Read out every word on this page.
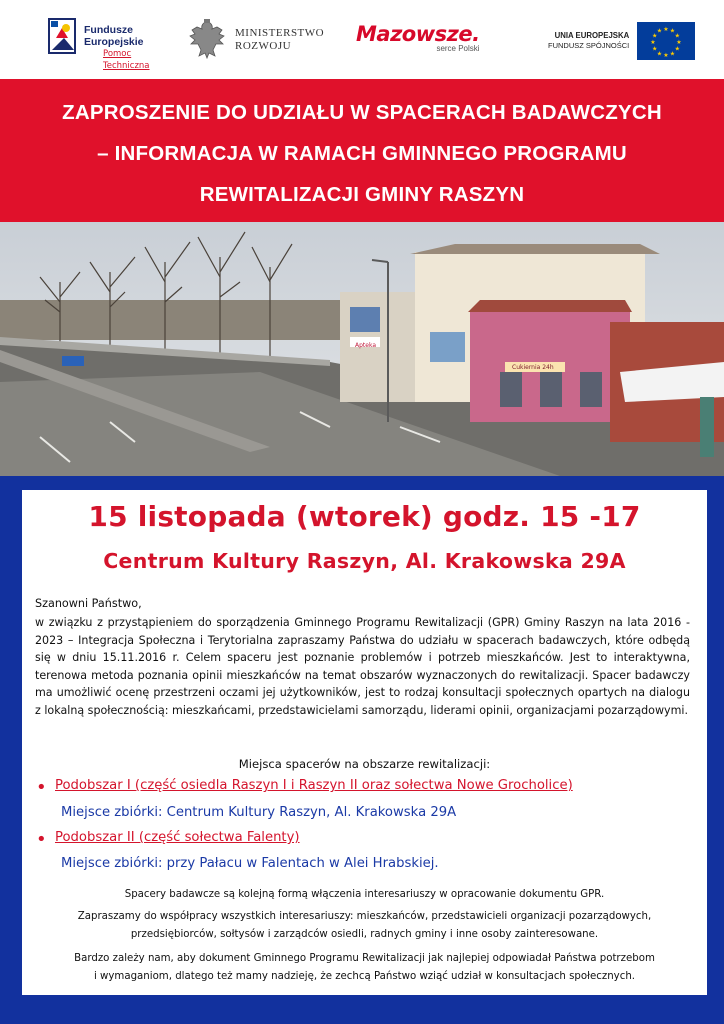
Fundusze
Europejskie
Pomoc Techniczna
MINISTERSTWO
ROZWOJU	Mazowsze.
serce Polski
UNIA EUROPEJSKA
FUNDUSZ SPÓJNOŚCI
★ ★
★
★
★
★
★
★
★
★
★
★
ZAPROSZENIE DO UDZIAŁU W SPACERACH BADAWCZYCH
– INFORMACJA W RAMACH GMINNEGO PROGRAMU
REWITALIZACJI GMINY RASZYN
Apteka
Cukiernia 24h
15 listopada (wtorek) godz. 15 -17
Centrum Kultury Raszyn, Al. Krakowska 29A
Szanowni Państwo,
w związku z przystąpieniem do sporządzenia Gminnego Programu Rewitalizacji (GPR) Gminy Raszyn na lata 2016 - 2023 – Integracja Społeczna i Terytorialna zapraszamy Państwa do udziału w spacerach badawczych, które odbędą się w dniu 15.11.2016 r. Celem spaceru jest poznanie problemów i potrzeb mieszkańców. Jest to interaktywna, terenowa metoda poznania opinii mieszkańców na temat obszarów wyznaczonych do rewitalizacji. Spacer badawczy ma umożliwić ocenę przestrzeni oczami jej użytkowników, jest to rodzaj konsultacji społecznych opartych na dialogu z lokalną społecznością: mieszkańcami, przedstawicielami samorządu, liderami opinii, organizacjami pozarządowymi.
Miejsca spacerów na obszarze rewitalizacji:
• Podobszar I (część osiedla Raszyn I i Raszyn II oraz sołectwa Nowe Grocholice)
Miejsce zbiórki: Centrum Kultury Raszyn, Al. Krakowska 29A
• Podobszar II (część sołectwa Falenty)
Miejsce zbiórki: przy Pałacu w Falentach w Alei Hrabskiej.
Spacery badawcze są kolejną formą włączenia interesariuszy w opracowanie dokumentu GPR.
Zapraszamy do współpracy wszystkich interesariuszy: mieszkańców, przedstawicieli organizacji pozarządowych,
przedsiębiorców, sołtysów i zarządców osiedli, radnych gminy i inne osoby zainteresowane.
Bardzo zależy nam, aby dokument Gminnego Programu Rewitalizacji jak najlepiej odpowiadał Państwa potrzebom
i wymaganiom, dlatego też mamy nadzieję, że zechcą Państwo wziąć udział w konsultacjach społecznych.
